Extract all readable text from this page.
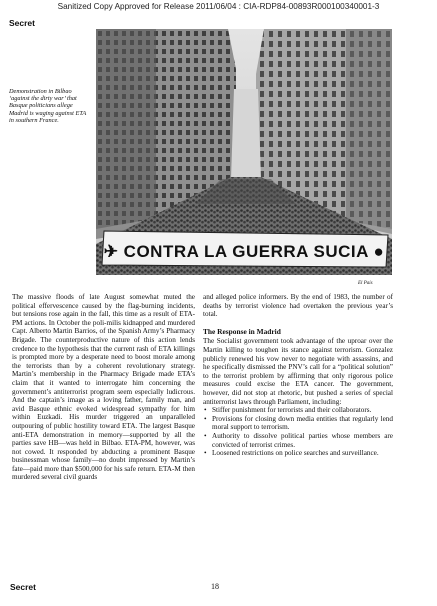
Sanitized Copy Approved for Release 2011/06/04 : CIA-RDP84-00893R000100340001-3
Secret
Demonstration in Bilbao ‘against the dirty war’ that Basque politicians allege Madrid is waging against ETA in southern France.
✈ CONTRA LA GUERRA SUCIA ●
El Pais

The massive floods of late August somewhat muted the political effervescence caused by the flag-burning incidents, but tensions rose again in the fall, this time as a result of ETA-PM actions. In October the poli-milis kidnapped and murdered Capt. Alberto Martin Barrios, of the Spanish Army’s Pharmacy Brigade. The counterproductive nature of this action lends credence to the hypothesis that the current rash of ETA killings is prompted more by a desperate need to boost morale among the terrorists than by a coherent revolutionary strategy. Martin’s membership in the Pharmacy Brigade made ETA’s claim that it wanted to interrogate him concerning the government’s antiterrorist program seem especially ludicrous. And the captain’s image as a loving father, family man, and avid Basque ethnic evoked widespread sympathy for him within Euzkadi. His murder triggered an unparalleled outpouring of public hostility toward ETA. The largest Basque anti-ETA demonstration in memory—supported by all the parties save HB—was held in Bilbao. ETA-PM, however, was not cowed. It responded by abducting a prominent Basque businessman whose family—no doubt impressed by Martin’s fate—paid more than $500,000 for his safe return. ETA-M then murdered several civil guards

and alleged police informers. By the end of 1983, the number of deaths by terrorist violence had overtaken the previous year’s total.

The Response in Madrid

The Socialist government took advantage of the uproar over the Martin killing to toughen its stance against terrorism. Gonzalez publicly renewed his vow never to negotiate with assassins, and he specifically dismissed the PNV’s call for a “political solution” to the terrorist problem by affirming that only rigorous police measures could excise the ETA cancer. The government, however, did not stop at rhetoric, but pushed a series of special antiterrorist laws through Parliament, including:

• Stiffer punishment for terrorists and their collaborators.
• Provisions for closing down media entities that regularly lend moral support to terrorism.
• Authority to dissolve political parties whose members are convicted of terrorist crimes.
• Loosened restrictions on police searches and surveillance.
Secret	18
